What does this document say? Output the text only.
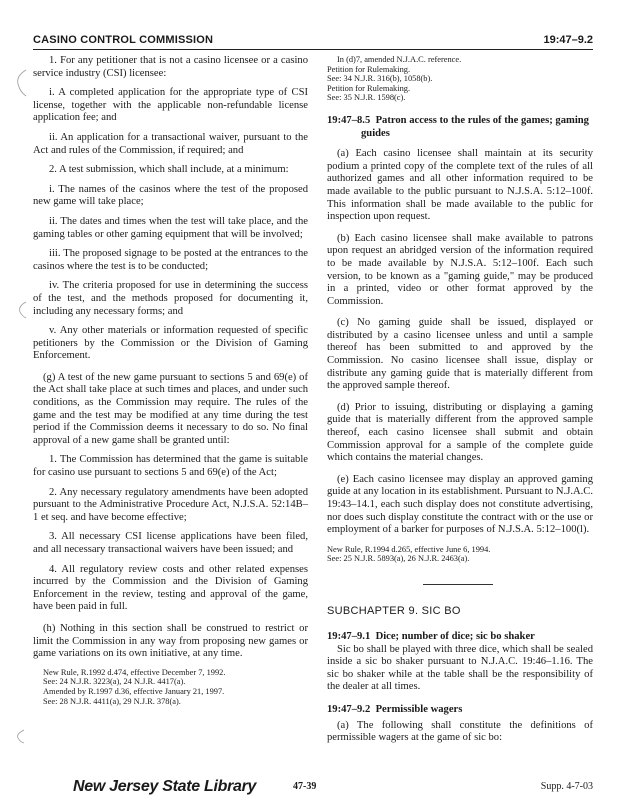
CASINO CONTROL COMMISSION	19:47–9.2

1. For any petitioner that is not a casino licensee or a casino service industry (CSI) licensee:

i. A completed application for the appropriate type of CSI license, together with the applicable non-refundable license application fee; and

ii. An application for a transactional waiver, pursuant to the Act and rules of the Commission, if required; and

2. A test submission, which shall include, at a minimum:

i. The names of the casinos where the test of the proposed new game will take place;

ii. The dates and times when the test will take place, and the gaming tables or other gaming equipment that will be involved;

iii. The proposed signage to be posted at the entrances to the casinos where the test is to be conducted;

iv. The criteria proposed for use in determining the success of the test, and the methods proposed for documenting it, including any necessary forms; and

v. Any other materials or information requested of specific petitioners by the Commission or the Division of Gaming Enforcement.

(g) A test of the new game pursuant to sections 5 and 69(e) of the Act shall take place at such times and places, and under such conditions, as the Commission may require. The rules of the game and the test may be modified at any time during the test period if the Commission deems it necessary to do so. No final approval of a new game shall be granted until:

1. The Commission has determined that the game is suitable for casino use pursuant to sections 5 and 69(e) of the Act;

2. Any necessary regulatory amendments have been adopted pursuant to the Administrative Procedure Act, N.J.S.A. 52:14B–1 et seq. and have become effective;

3. All necessary CSI license applications have been filed, and all necessary transactional waivers have been issued; and

4. All regulatory review costs and other related expenses incurred by the Commission and the Division of Gaming Enforcement in the review, testing and approval of the game, have been paid in full.

(h) Nothing in this section shall be construed to restrict or limit the Commission in any way from proposing new games or game variations on its own initiative, at any time.

New Rule, R.1992 d.474, effective December 7, 1992.
See: 24 N.J.R. 3223(a), 24 N.J.R. 4417(a).
Amended by R.1997 d.36, effective January 21, 1997.
See: 28 N.J.R. 4411(a), 29 N.J.R. 378(a).
In (d)7, amended N.J.A.C. reference.
Petition for Rulemaking.
See: 34 N.J.R. 316(b), 1058(b).
Petition for Rulemaking.
See: 35 N.J.R. 1598(c).
19:47–8.5 Patron access to the rules of the games; gaming guides

(a) Each casino licensee shall maintain at its security podium a printed copy of the complete text of the rules of all authorized games and all other information required to be made available to the public pursuant to N.J.S.A. 5:12–100f. This information shall be made available to the public for inspection upon request.

(b) Each casino licensee shall make available to patrons upon request an abridged version of the information required to be made available by N.J.S.A. 5:12–100f. Each such version, to be known as a "gaming guide," may be produced in a printed, video or other format approved by the Commission.

(c) No gaming guide shall be issued, displayed or distributed by a casino licensee unless and until a sample thereof has been submitted to and approved by the Commission. No casino licensee shall issue, display or distribute any gaming guide that is materially different from the approved sample thereof.

(d) Prior to issuing, distributing or displaying a gaming guide that is materially different from the approved sample thereof, each casino licensee shall submit and obtain Commission approval for a sample of the complete guide which contains the material changes.

(e) Each casino licensee may display an approved gaming guide at any location in its establishment. Pursuant to N.J.A.C. 19:43–14.1, each such display does not constitute advertising, nor does such display constitute the contract with or the use or employment of a barker for purposes of N.J.S.A. 5:12–100(l).

New Rule, R.1994 d.265, effective June 6, 1994.
See: 25 N.J.R. 5893(a), 26 N.J.R. 2463(a).
SUBCHAPTER 9. SIC BO
19:47–9.1 Dice; number of dice; sic bo shaker

Sic bo shall be played with three dice, which shall be sealed inside a sic bo shaker pursuant to N.J.A.C. 19:46–1.16. The sic bo shaker while at the table shall be the responsibility of the dealer at all times.

19:47–9.2 Permissible wagers

(a) The following shall constitute the definitions of permissible wagers at the game of sic bo:

New Jersey State Library	47-39	Supp. 4-7-03
